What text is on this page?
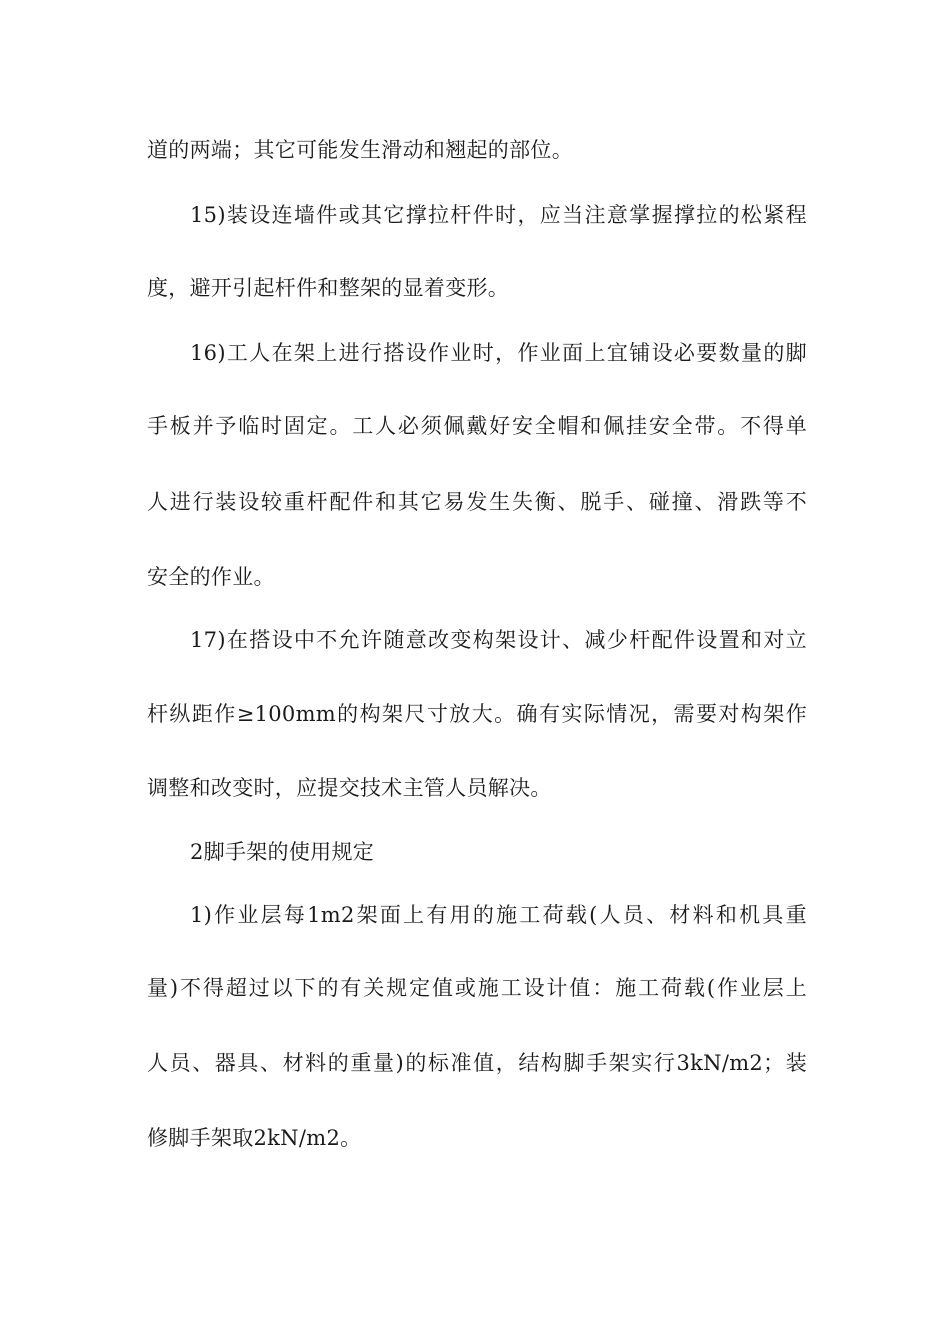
道的两端；其它可能发生滑动和翘起的部位。
15)装设连墙件或其它撑拉杆件时，应当注意掌握撑拉的松紧程
度，避开引起杆件和整架的显着变形。
16)工人在架上进行搭设作业时，作业面上宜铺设必要数量的脚
手板并予临时固定。工人必须佩戴好安全帽和佩挂安全带。不得单
人进行装设较重杆配件和其它易发生失衡、脱手、碰撞、滑跌等不
安全的作业。
17)在搭设中不允许随意改变构架设计、减少杆配件设置和对立
杆纵距作≥100mm的构架尺寸放大。确有实际情况，需要对构架作
调整和改变时，应提交技术主管人员解决。
2脚手架的使用规定
1)作业层每1m2架面上有用的施工荷载(人员、材料和机具重
量)不得超过以下的有关规定值或施工设计值：施工荷载(作业层上
人员、器具、材料的重量)的标准值，结构脚手架实行3kN/m2；装
修脚手架取2kN/m2。
